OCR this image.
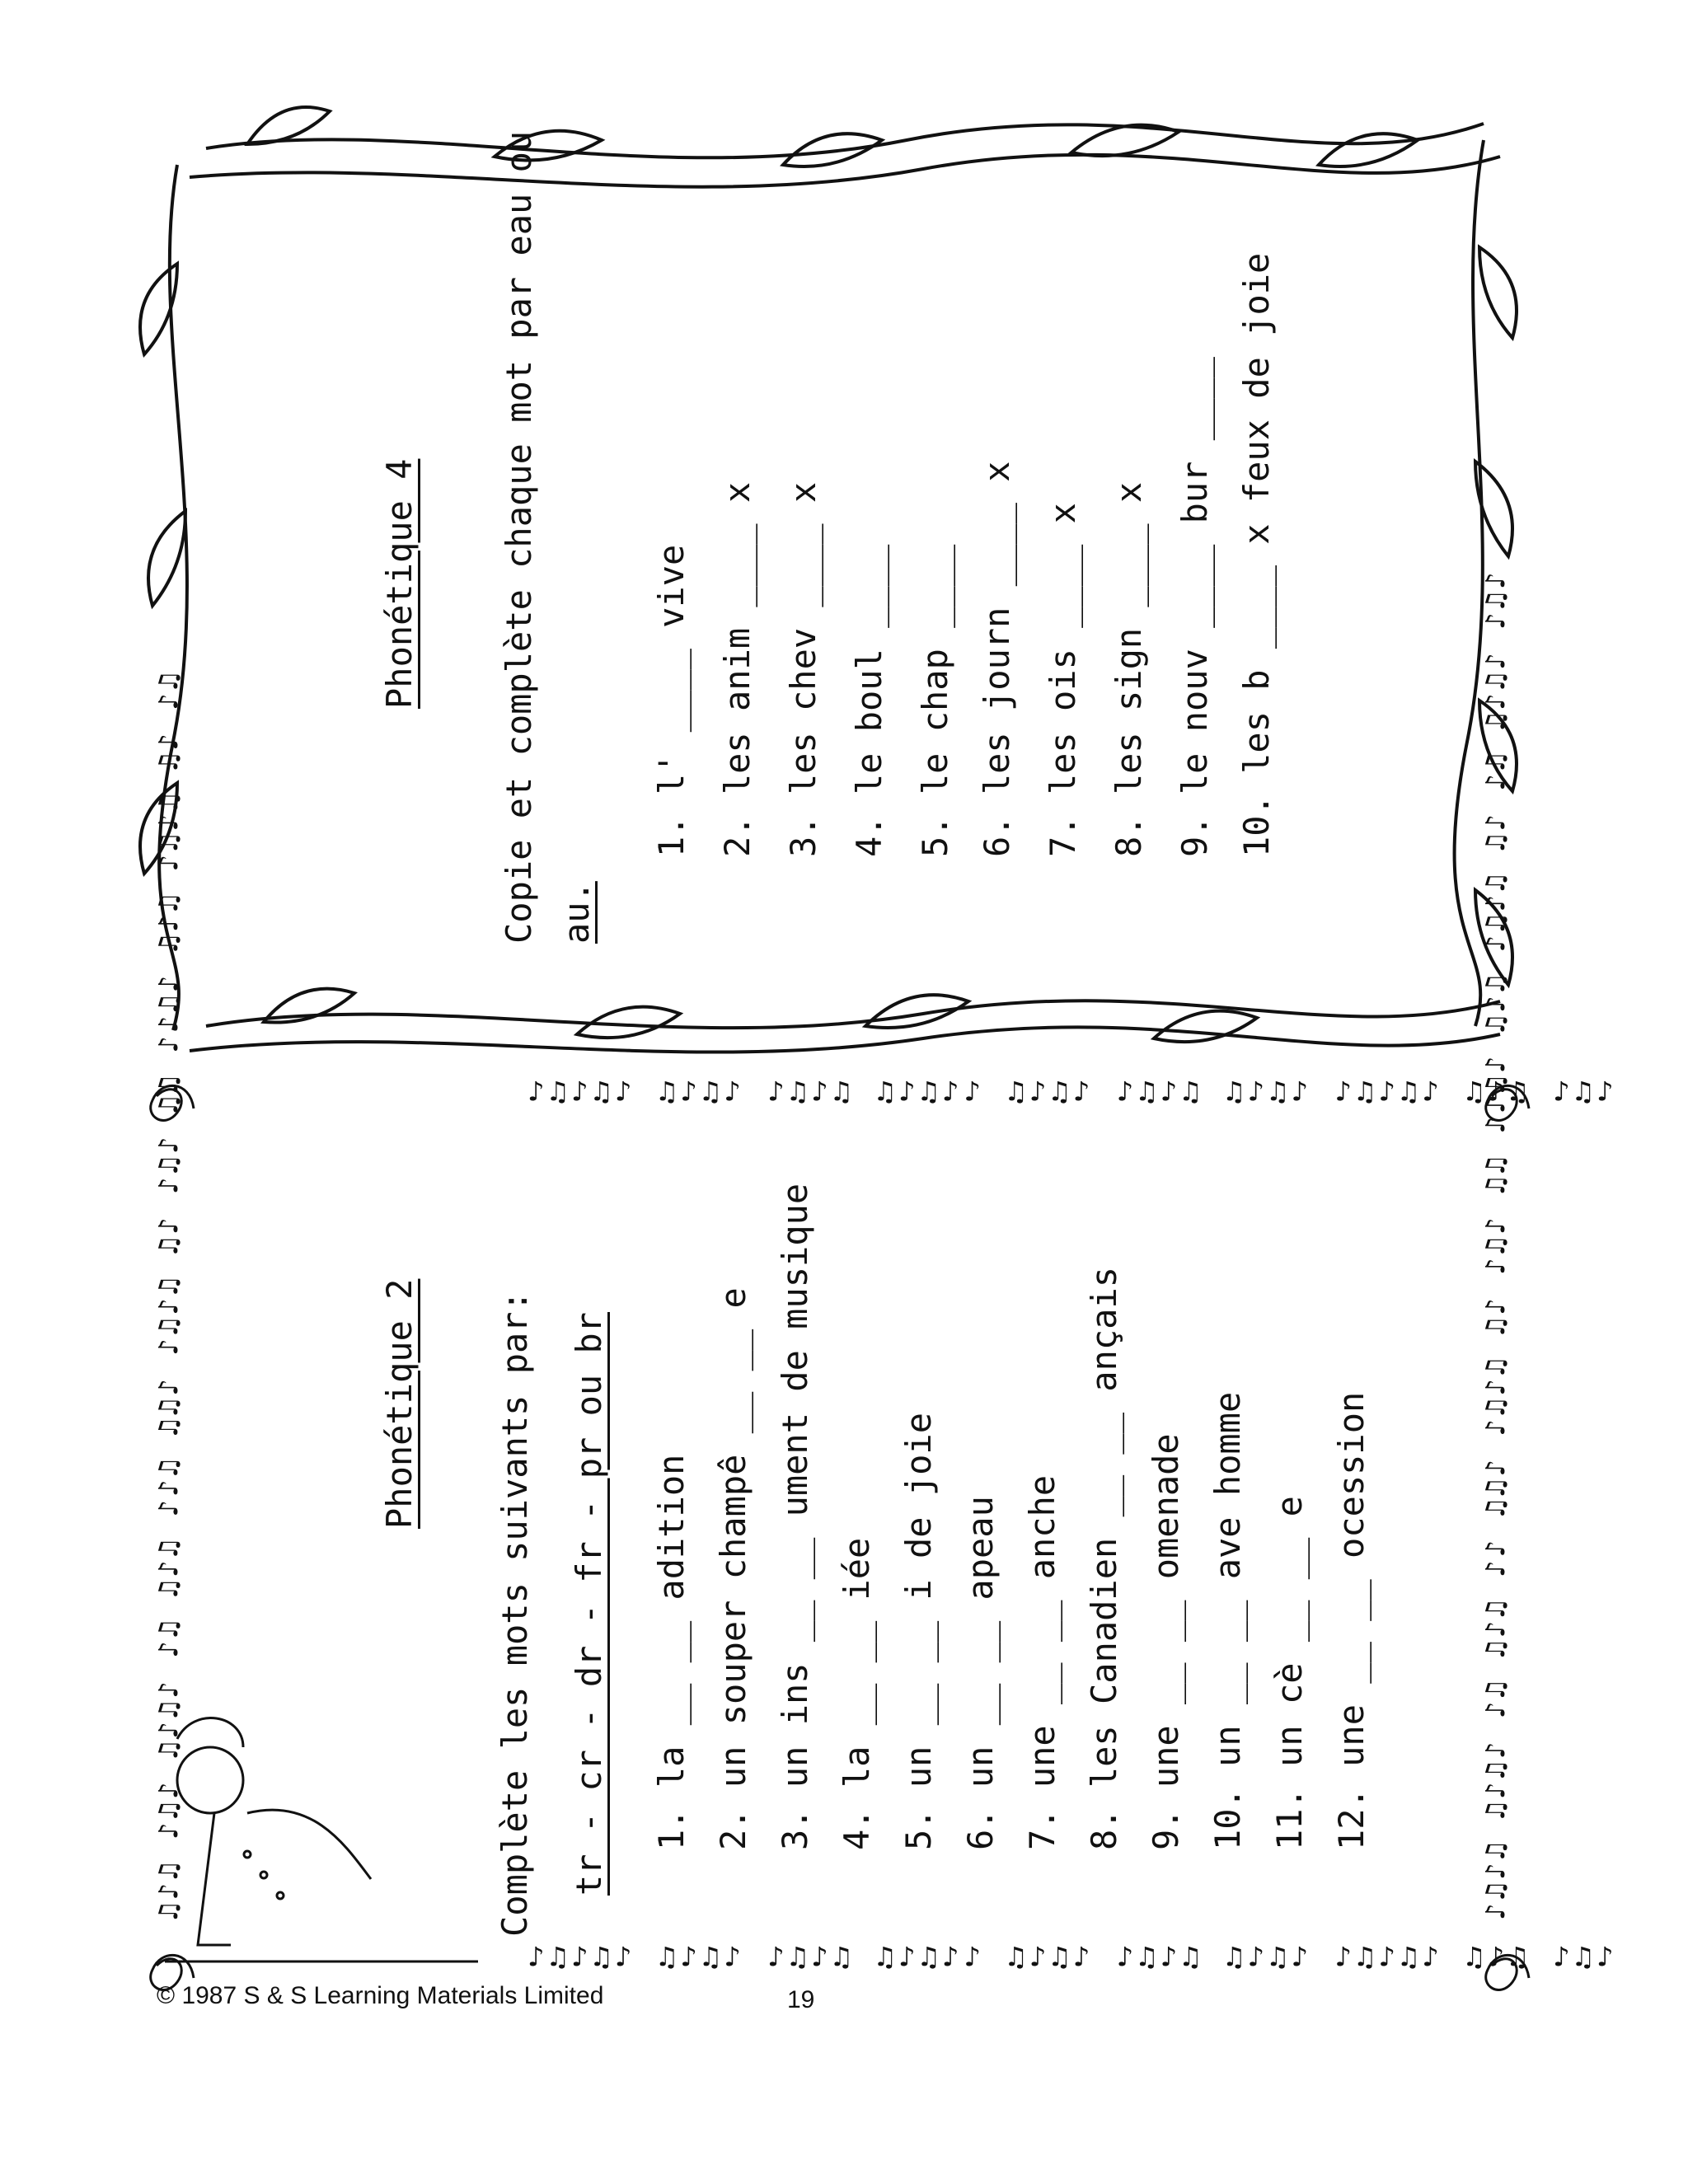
♪♫♪♫ ♫♪♫♪ ♪♫ ♫♪♫ ♪♪ ♫♫♪ ♪♫♪♫ ♫♪ ♪♫♪ ♫♫ ♪♪♫♪ ♫♪♫ ♪♫♪♫ ♫♪ ♪♫ ♫♪♫♪ ♪♫♪
♫♪♫ ♪♫♪ ♫♪♫♪ ♪♫ ♫♪♫ ♪♪♫ ♫♫♪ ♪♫♪♫ ♫♪ ♪♫♪ ♫♫ ♪♪♫♪ ♫♪♫ ♪♫♪♫ ♫♪ ♪♫	♪♫♪♫♪ ♫♪♫♪ ♪♫♪♫ ♫♪♫♪♪ ♫♪♫♪ ♪♫♪♫ ♫♪♫♪ ♪♫♪♫♪ ♫♪♫ ♪♫♪
♪♫♪♫♪ ♫♪♫♪ ♪♫♪♫ ♫♪♫♪♪ ♫♪♫♪ ♪♫♪♫ ♫♪♫♪ ♪♫♪♫♪ ♫♪♫ ♪♫♪
Phonétique 4 Copie et complète chaque mot par eau ou au.
1. l' ____ vive 2. les anim ____ x 3. les chev ____ x 4. le boul ____ 5. le chap ____ 6. les journ ____ x 7. les ois ____ x 8. les sign ____ x 9. le nouv ____ bur ____ 10. les b ____ x feux de joie
Phonétique 2 Complète les mots suivants par: tr - cr - dr - fr - pr ou br 1. la __ __ adition 2. un souper champê __ __ e 3. un ins __ __ ument de musique 4. la __ __ iée 5. un __ __ i de joie 6. un __ __ apeau 7. une __ __ anche 8. les Canadien __ __ ançais 9. une __ __ omenade 10. un __ __ ave homme 11. un cè __ __ e 12. une __ __ ocession
© 1987 S & S Learning Materials Limited	19
